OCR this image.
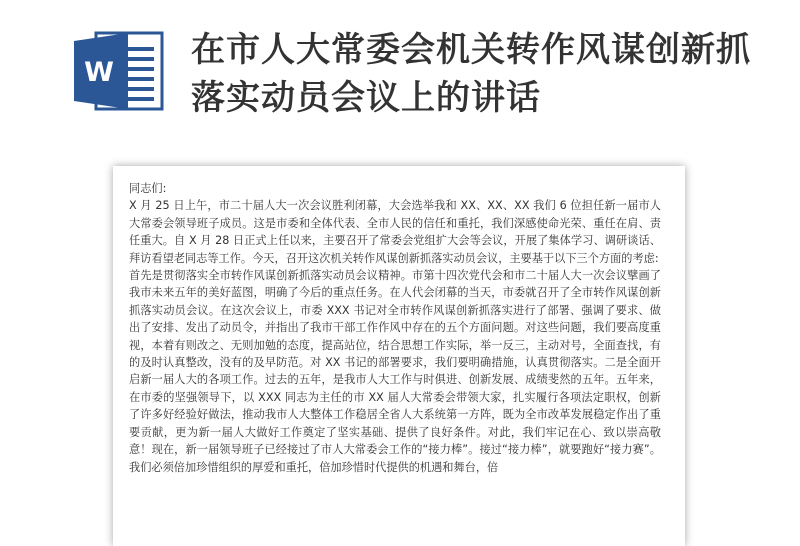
W
在市人大常委会机关转作风谋创新抓落实动员会议上的讲话

同志们:

X 月 25 日上午，市二十届人大一次会议胜利闭幕，大会选举我和 XX、XX、XX 我们 6 位担任新一届市人大常委会领导班子成员。这是市委和全体代表、全市人民的信任和重托，我们深感使命光荣、重任在肩、责任重大。自 X 月 28 日正式上任以来，主要召开了常委会党组扩大会等会议，开展了集体学习、调研谈话、拜访看望老同志等工作。今天，召开这次机关转作风谋创新抓落实动员会议，主要基于以下三个方面的考虑:

首先是贯彻落实全市转作风谋创新抓落实动员会议精神。市第十四次党代会和市二十届人大一次会议擘画了我市未来五年的美好蓝图，明确了今后的重点任务。在人代会闭幕的当天，市委就召开了全市转作风谋创新抓落实动员会议。在这次会议上，市委 XXX 书记对全市转作风谋创新抓落实进行了部署、强调了要求、做出了安排、发出了动员令，并指出了我市干部工作作风中存在的五个方面问题。对这些问题，我们要高度重视，本着有则改之、无则加勉的态度，提高站位，结合思想工作实际，举一反三，主动对号，全面查找，有的及时认真整改，没有的及早防范。对 XX 书记的部署要求，我们要明确措施，认真贯彻落实。二是全面开启新一届人大的各项工作。过去的五年，是我市人大工作与时俱进、创新发展、成绩斐然的五年。五年来，在市委的坚强领导下，以 XXX 同志为主任的市 XX 届人大常委会带领大家，扎实履行各项法定职权，创新了许多好经验好做法，推动我市人大整体工作稳居全省人大系统第一方阵，既为全市改革发展稳定作出了重要贡献，更为新一届人大做好工作奠定了坚实基础、提供了良好条件。对此，我们牢记在心、致以崇高敬意！现在，新一届领导班子已经接过了市人大常委会工作的“接力棒”。接过“接力棒”，就要跑好“接力赛”。我们必须倍加珍惜组织的厚爱和重托，倍加珍惜时代提供的机遇和舞台，倍
